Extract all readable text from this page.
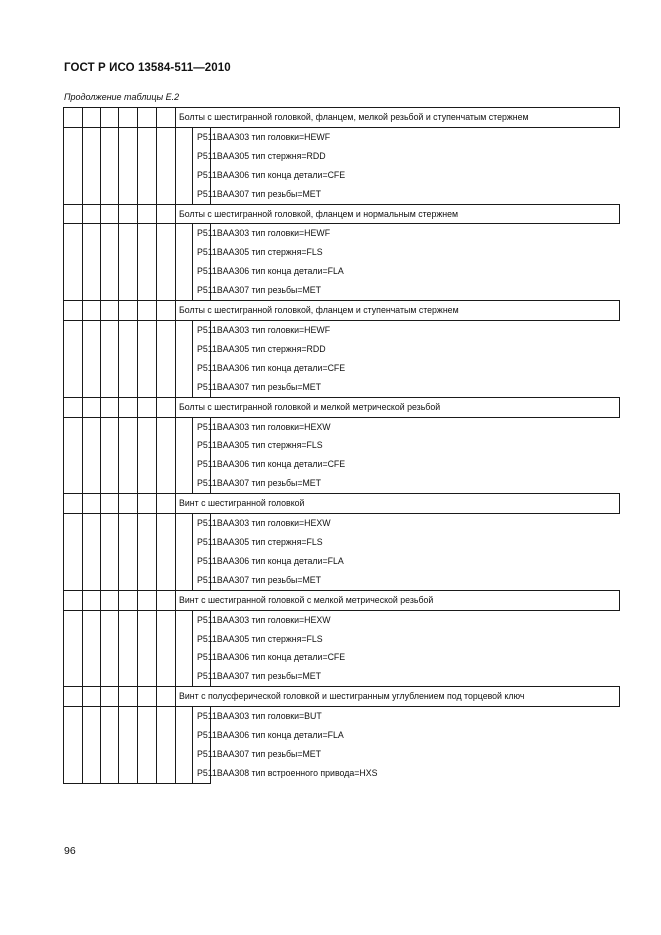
ГОСТ Р ИСО 13584-511—2010
Продолжение таблицы Е.2
						Болты с шестигранной головкой, фланцем, мелкой резьбой и ступенчатым стержнем	
							P511BAA303 тип головки=HEWF
							P511BAA305 тип стержня=RDD
							P511BAA306 тип конца детали=CFE
							P511BAA307 тип резьбы=MET
						Болты с шестигранной головкой, фланцем и нормальным стержнем	
							P511BAA303 тип головки=HEWF
							P511BAA305 тип стержня=FLS
							P511BAA306 тип конца детали=FLA
							P511BAA307 тип резьбы=MET
						Болты с шестигранной головкой, фланцем и ступенчатым стержнем	
							P511BAA303 тип головки=HEWF
							P511BAA305 тип стержня=RDD
							P511BAA306 тип конца детали=CFE
							P511BAA307 тип резьбы=MET
						Болты с шестигранной головкой и мелкой метрической резьбой	
							P511BAA303 тип головки=HEXW
							P511BAA305 тип стержня=FLS
							P511BAA306 тип конца детали=CFE
							P511BAA307 тип резьбы=MET
						Винт с шестигранной головкой	
							P511BAA303 тип головки=HEXW
							P511BAA305 тип стержня=FLS
							P511BAA306 тип конца детали=FLA
							P511BAA307 тип резьбы=MET
						Винт с шестигранной головкой с мелкой метрической резьбой	
							P511BAA303 тип головки=HEXW
							P511BAA305 тип стержня=FLS
							P511BAA306 тип конца детали=CFE
							P511BAA307 тип резьбы=MET
						Винт с полусферической головкой и шестигранным углублением под торцевой ключ	
							P511BAA303 тип головки=BUT
							P511BAA306 тип конца детали=FLA
							P511BAA307 тип резьбы=MET
							P511BAA308 тип встроенного привода=HXS
96
